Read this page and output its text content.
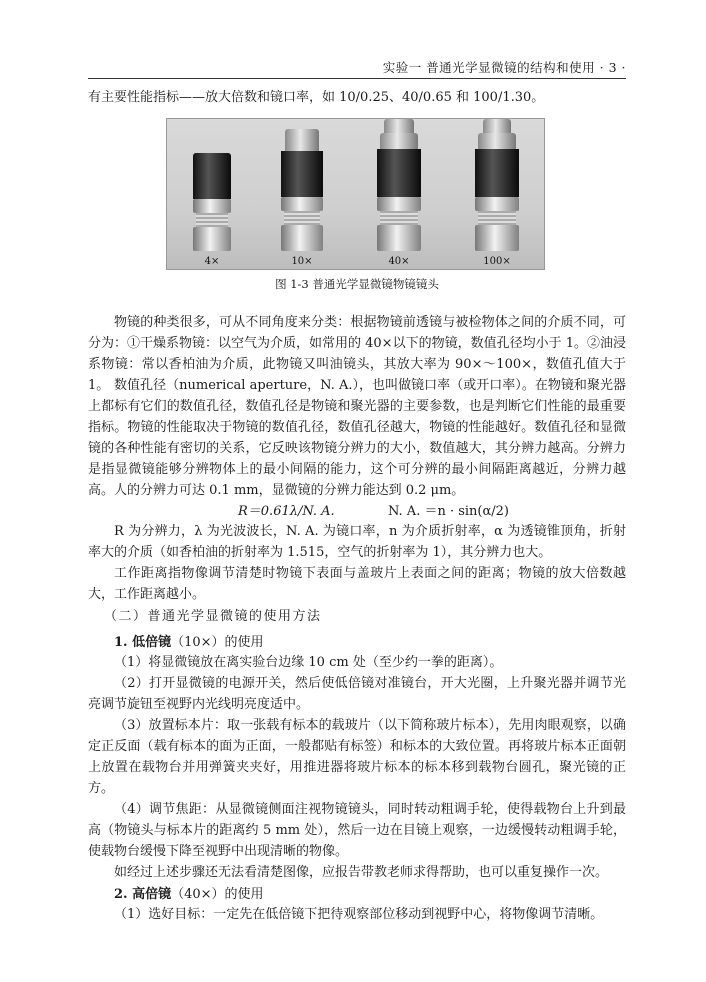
实验一 普通光学显微镜的结构和使用 · 3 ·

有主要性能指标——放大倍数和镜口率，如 10/0.25、40/0.65 和 100/1.30。

4×	10×	40×	100×
图 1-3 普通光学显微镜物镜镜头

物镜的种类很多，可从不同角度来分类：根据物镜前透镜与被检物体之间的介质不同，可分为：①干燥系物镜：以空气为介质，如常用的 40×以下的物镜，数值孔径均小于 1。②油浸系物镜：常以香柏油为介质，此物镜又叫油镜头，其放大率为 90×～100×，数值孔值大于 1。 数值孔径（numerical aperture，N. A.），也叫做镜口率（或开口率）。在物镜和聚光器上都标有它们的数值孔径，数值孔径是物镜和聚光器的主要参数，也是判断它们性能的最重要指标。物镜的性能取决于物镜的数值孔径，数值孔径越大，物镜的性能越好。数值孔径和显微镜的各种性能有密切的关系，它反映该物镜分辨力的大小，数值越大，其分辨力越高。分辨力是指显微镜能够分辨物体上的最小间隔的能力，这个可分辨的最小间隔距离越近，分辨力越高。人的分辨力可达 0.1 mm，显微镜的分辨力能达到 0.2 μm。

R＝0.61λ/N. A.	N. A. ＝n · sin(α/2)

R 为分辨力，λ 为光波波长，N. A. 为镜口率，n 为介质折射率，α 为透镜锥顶角，折射率大的介质（如香柏油的折射率为 1.515，空气的折射率为 1），其分辨力也大。

工作距离指物像调节清楚时物镜下表面与盖玻片上表面之间的距离；物镜的放大倍数越大，工作距离越小。

（二）普通光学显微镜的使用方法
1. 低倍镜（10×）的使用

（1）将显微镜放在离实验台边缘 10 cm 处（至少约一拳的距离）。

（2）打开显微镜的电源开关，然后使低倍镜对准镜台，开大光圈，上升聚光器并调节光亮调节旋钮至视野内光线明亮度适中。

（3）放置标本片：取一张载有标本的载玻片（以下简称玻片标本），先用肉眼观察，以确定正反面（载有标本的面为正面，一般都贴有标签）和标本的大致位置。再将玻片标本正面朝上放置在载物台并用弹簧夹夹好，用推进器将玻片标本的标本移到载物台圆孔，聚光镜的正方。

（4）调节焦距：从显微镜侧面注视物镜镜头，同时转动粗调手轮，使得载物台上升到最高（物镜头与标本片的距离约 5 mm 处），然后一边在目镜上观察，一边缓慢转动粗调手轮，使载物台缓慢下降至视野中出现清晰的物像。

如经过上述步骤还无法看清楚图像，应报告带教老师求得帮助，也可以重复操作一次。

2. 高倍镜（40×）的使用

（1）选好目标：一定先在低倍镜下把待观察部位移动到视野中心，将物像调节清晰。
